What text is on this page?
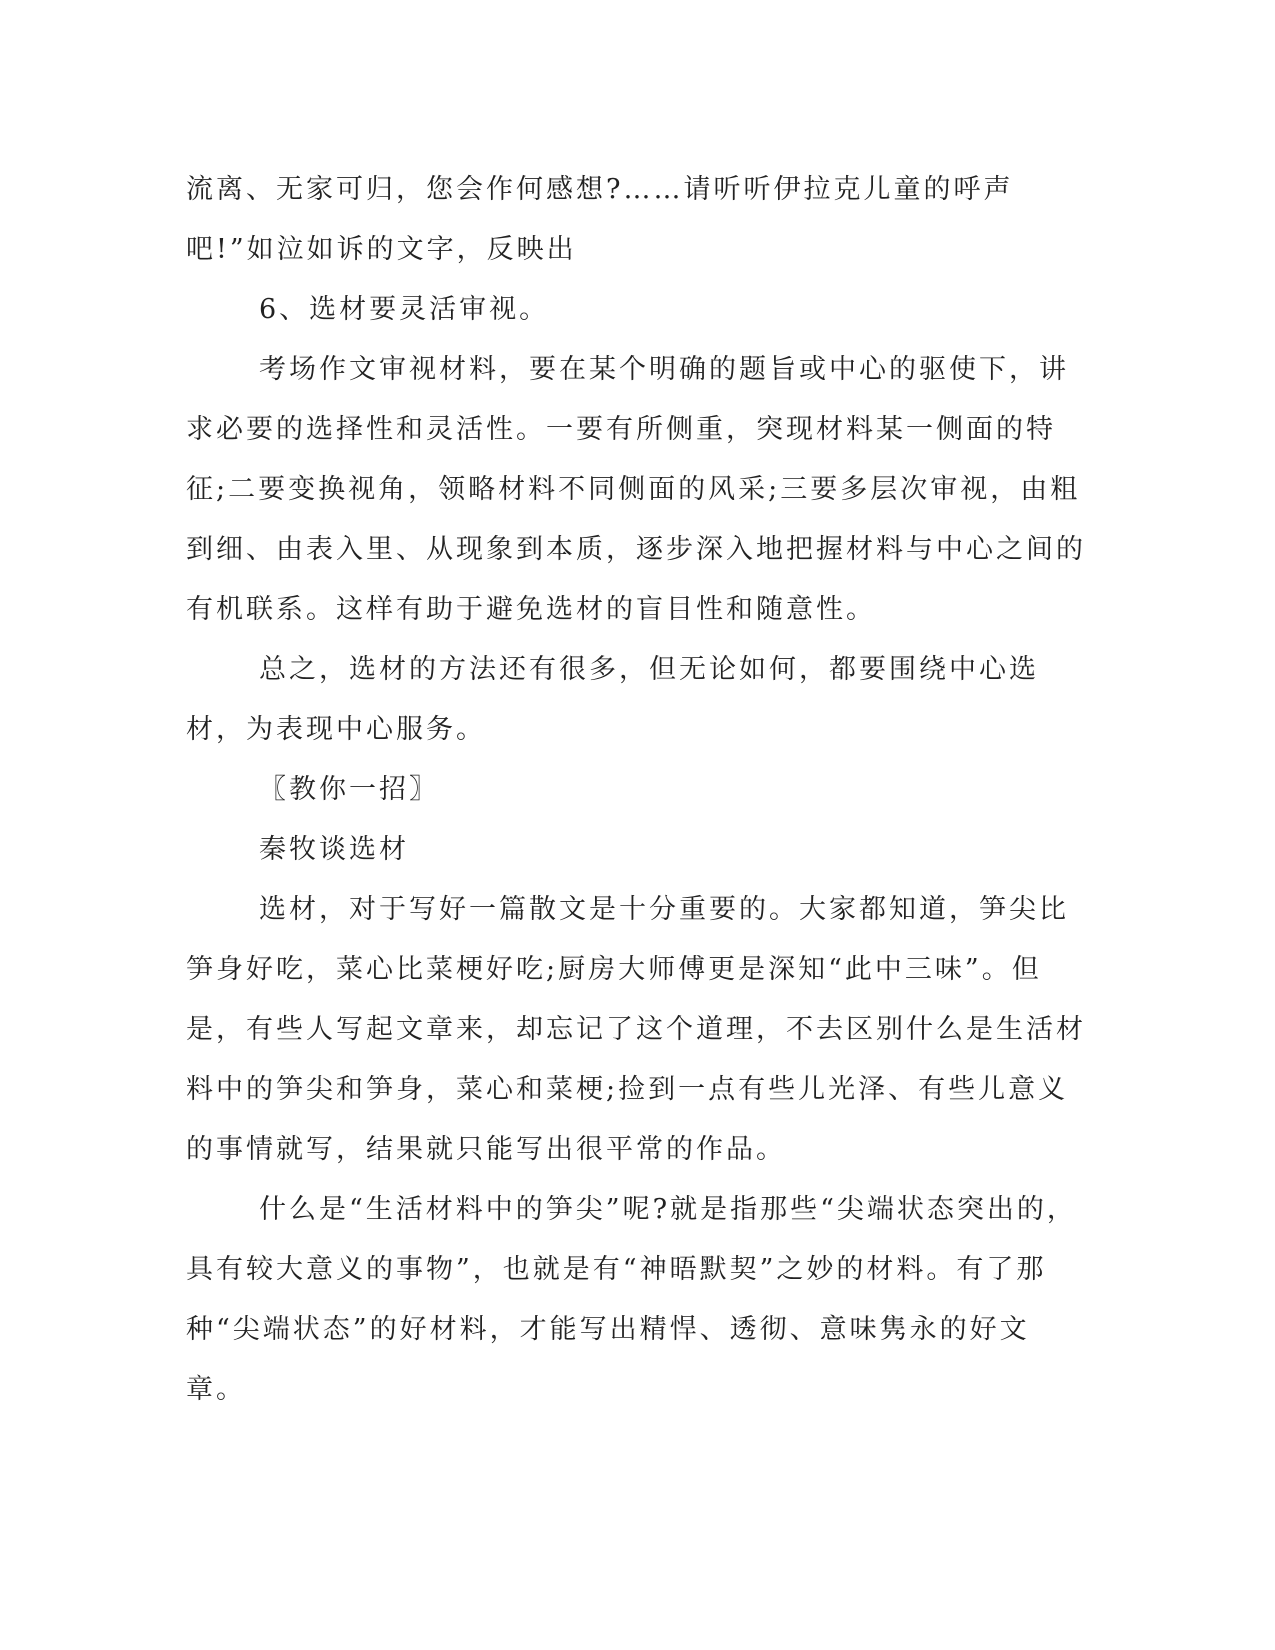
流离、无家可归，您会作何感想?……请听听伊拉克儿童的呼声吧!”如泣如诉的文字，反映出

6、选材要灵活审视。

考场作文审视材料，要在某个明确的题旨或中心的驱使下，讲求必要的选择性和灵活性。一要有所侧重，突现材料某一侧面的特征;二要变换视角，领略材料不同侧面的风采;三要多层次审视，由粗到细、由表入里、从现象到本质，逐步深入地把握材料与中心之间的有机联系。这样有助于避免选材的盲目性和随意性。

总之，选材的方法还有很多，但无论如何，都要围绕中心选材，为表现中心服务。

〖教你一招〗

秦牧谈选材

选材，对于写好一篇散文是十分重要的。大家都知道，笋尖比笋身好吃，菜心比菜梗好吃;厨房大师傅更是深知“此中三味”。但是，有些人写起文章来，却忘记了这个道理，不去区别什么是生活材料中的笋尖和笋身，菜心和菜梗;捡到一点有些儿光泽、有些儿意义的事情就写，结果就只能写出很平常的作品。

什么是“生活材料中的笋尖”呢?就是指那些“尖端状态突出的，具有较大意义的事物”，也就是有“神晤默契”之妙的材料。有了那种“尖端状态”的好材料，才能写出精悍、透彻、意味隽永的好文章。
